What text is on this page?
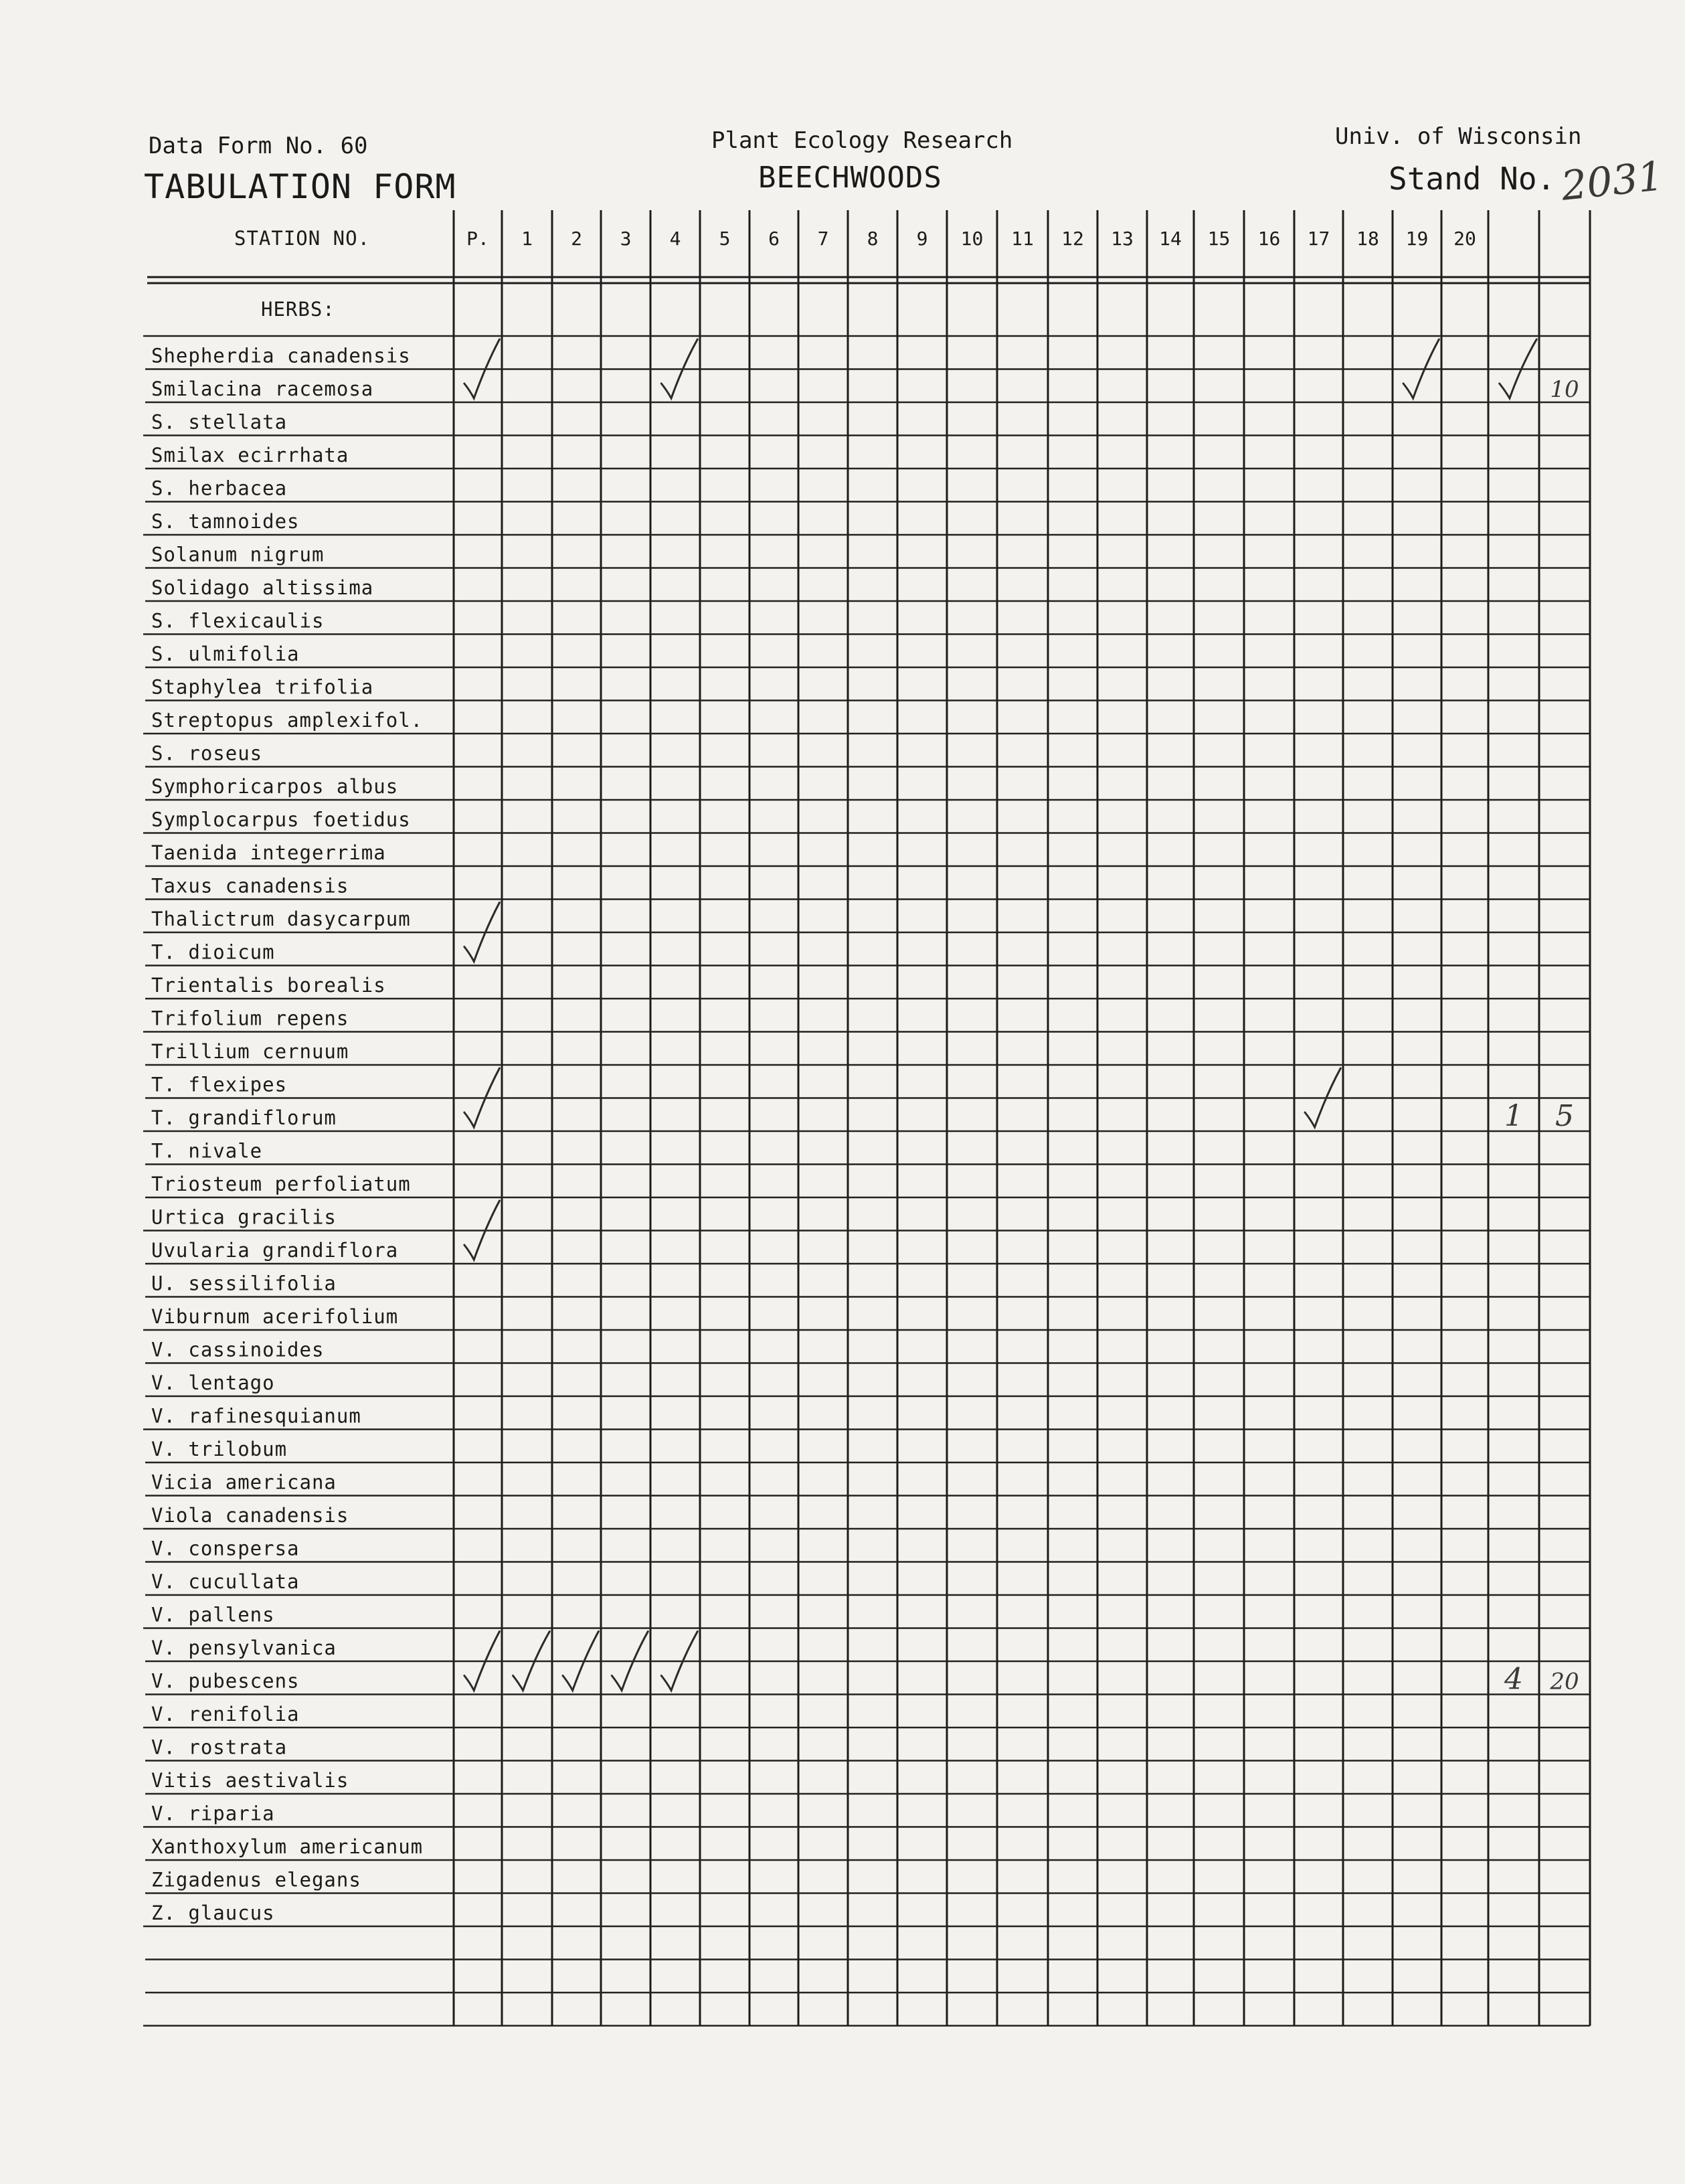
Data Form No. 60
TABULATION FORM
Plant Ecology Research
BEECHWOODS
Univ. of Wisconsin
Stand No. 2031
STATION NO.
HERBS:
P. 1 2 3 4 5 6 7 8 9 10 11 12 13 14 15 16 17 18 19 20
Shepherdia canadensis
Smilacina racemosa
S. stellata
Smilax ecirrhata
S. herbacea
S. tamnoides
Solanum nigrum
Solidago altissima
S. flexicaulis
S. ulmifolia
Staphylea trifolia
Streptopus amplexifol.
S. roseus
Symphoricarpos albus
Symplocarpus foetidus
Taenida integerrima
Taxus canadensis
Thalictrum dasycarpum
T. dioicum
Trientalis borealis
Trifolium repens
Trillium cernuum
T. flexipes
T. grandiflorum
T. nivale
Triosteum perfoliatum
Urtica gracilis
Uvularia grandiflora
U. sessilifolia
Viburnum acerifolium
V. cassinoides
V. lentago
V. rafinesquianum
V. trilobum
Vicia americana
Viola canadensis
V. conspersa
V. cucullata
V. pallens
V. pensylvanica
V. pubescens
V. renifolia
V. rostrata
Vitis aestivalis
V. riparia
Xanthoxylum americanum
Zigadenus elegans
Z. glaucus
10
1 5
4 20
